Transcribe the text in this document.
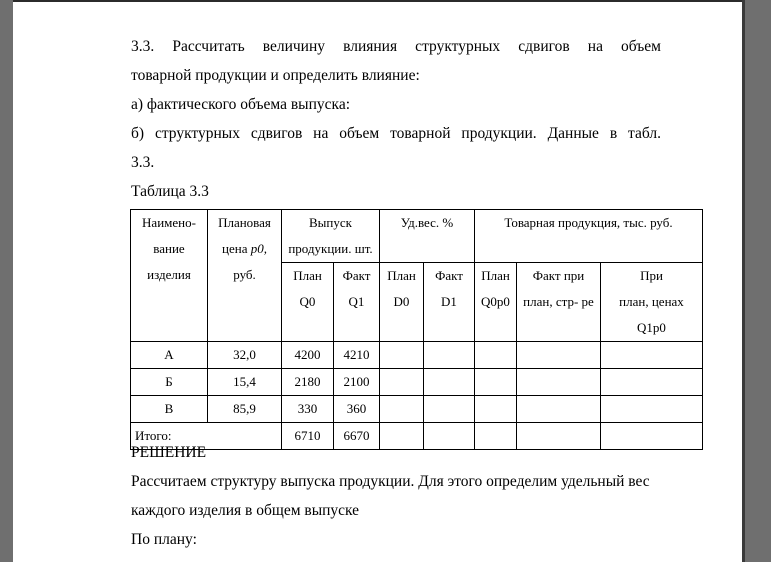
3.3. Рассчитать величину влияния структурных сдвигов на объем
товарной продукции и определить влияние:
а) фактического объема выпуска:
б) структурных сдвигов на объем товарной продукции. Данные в табл.
3.3.
Таблица 3.3
Наимено-
вание
изделия	Плановая
цена p0,
руб.	Выпуск
продукции. шт.		Уд.вес. %		Товарная продукция, тыс. руб.		

		План
Q0	Факт
Q1	План
D0	Факт
D1	План
Q0p0	Факт при
план, стр- ре	При
план, ценах
Q1p0

А	32,0	4200	4210					
Б	15,4	2180	2100					
В	85,9	330	360					
Итого:		6710	6670					
РЕШЕНИЕ
Рассчитаем структуру выпуска продукции. Для этого определим удельный вес
каждого изделия в общем выпуске
По плану:
